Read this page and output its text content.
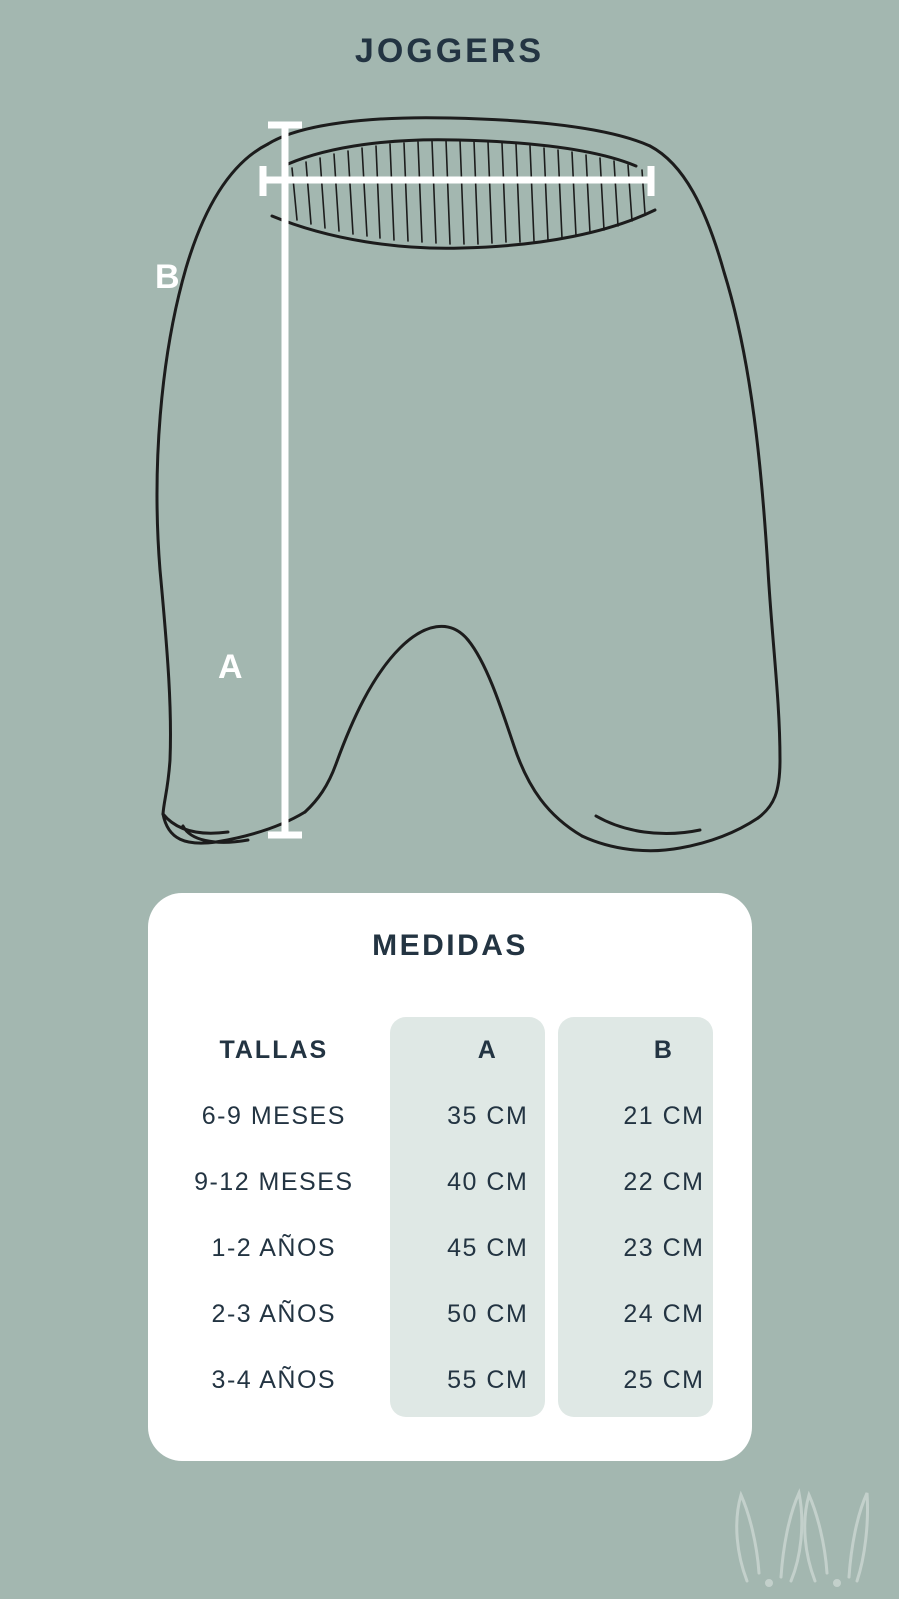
JOGGERS
B
A
MEDIDAS
TALLAS	A	B
6-9 MESES	35 CM	21 CM
9-12 MESES	40 CM	22 CM
1-2 AÑOS	45 CM	23 CM
2-3 AÑOS	50 CM	24 CM
3-4 AÑOS	55 CM	25 CM
